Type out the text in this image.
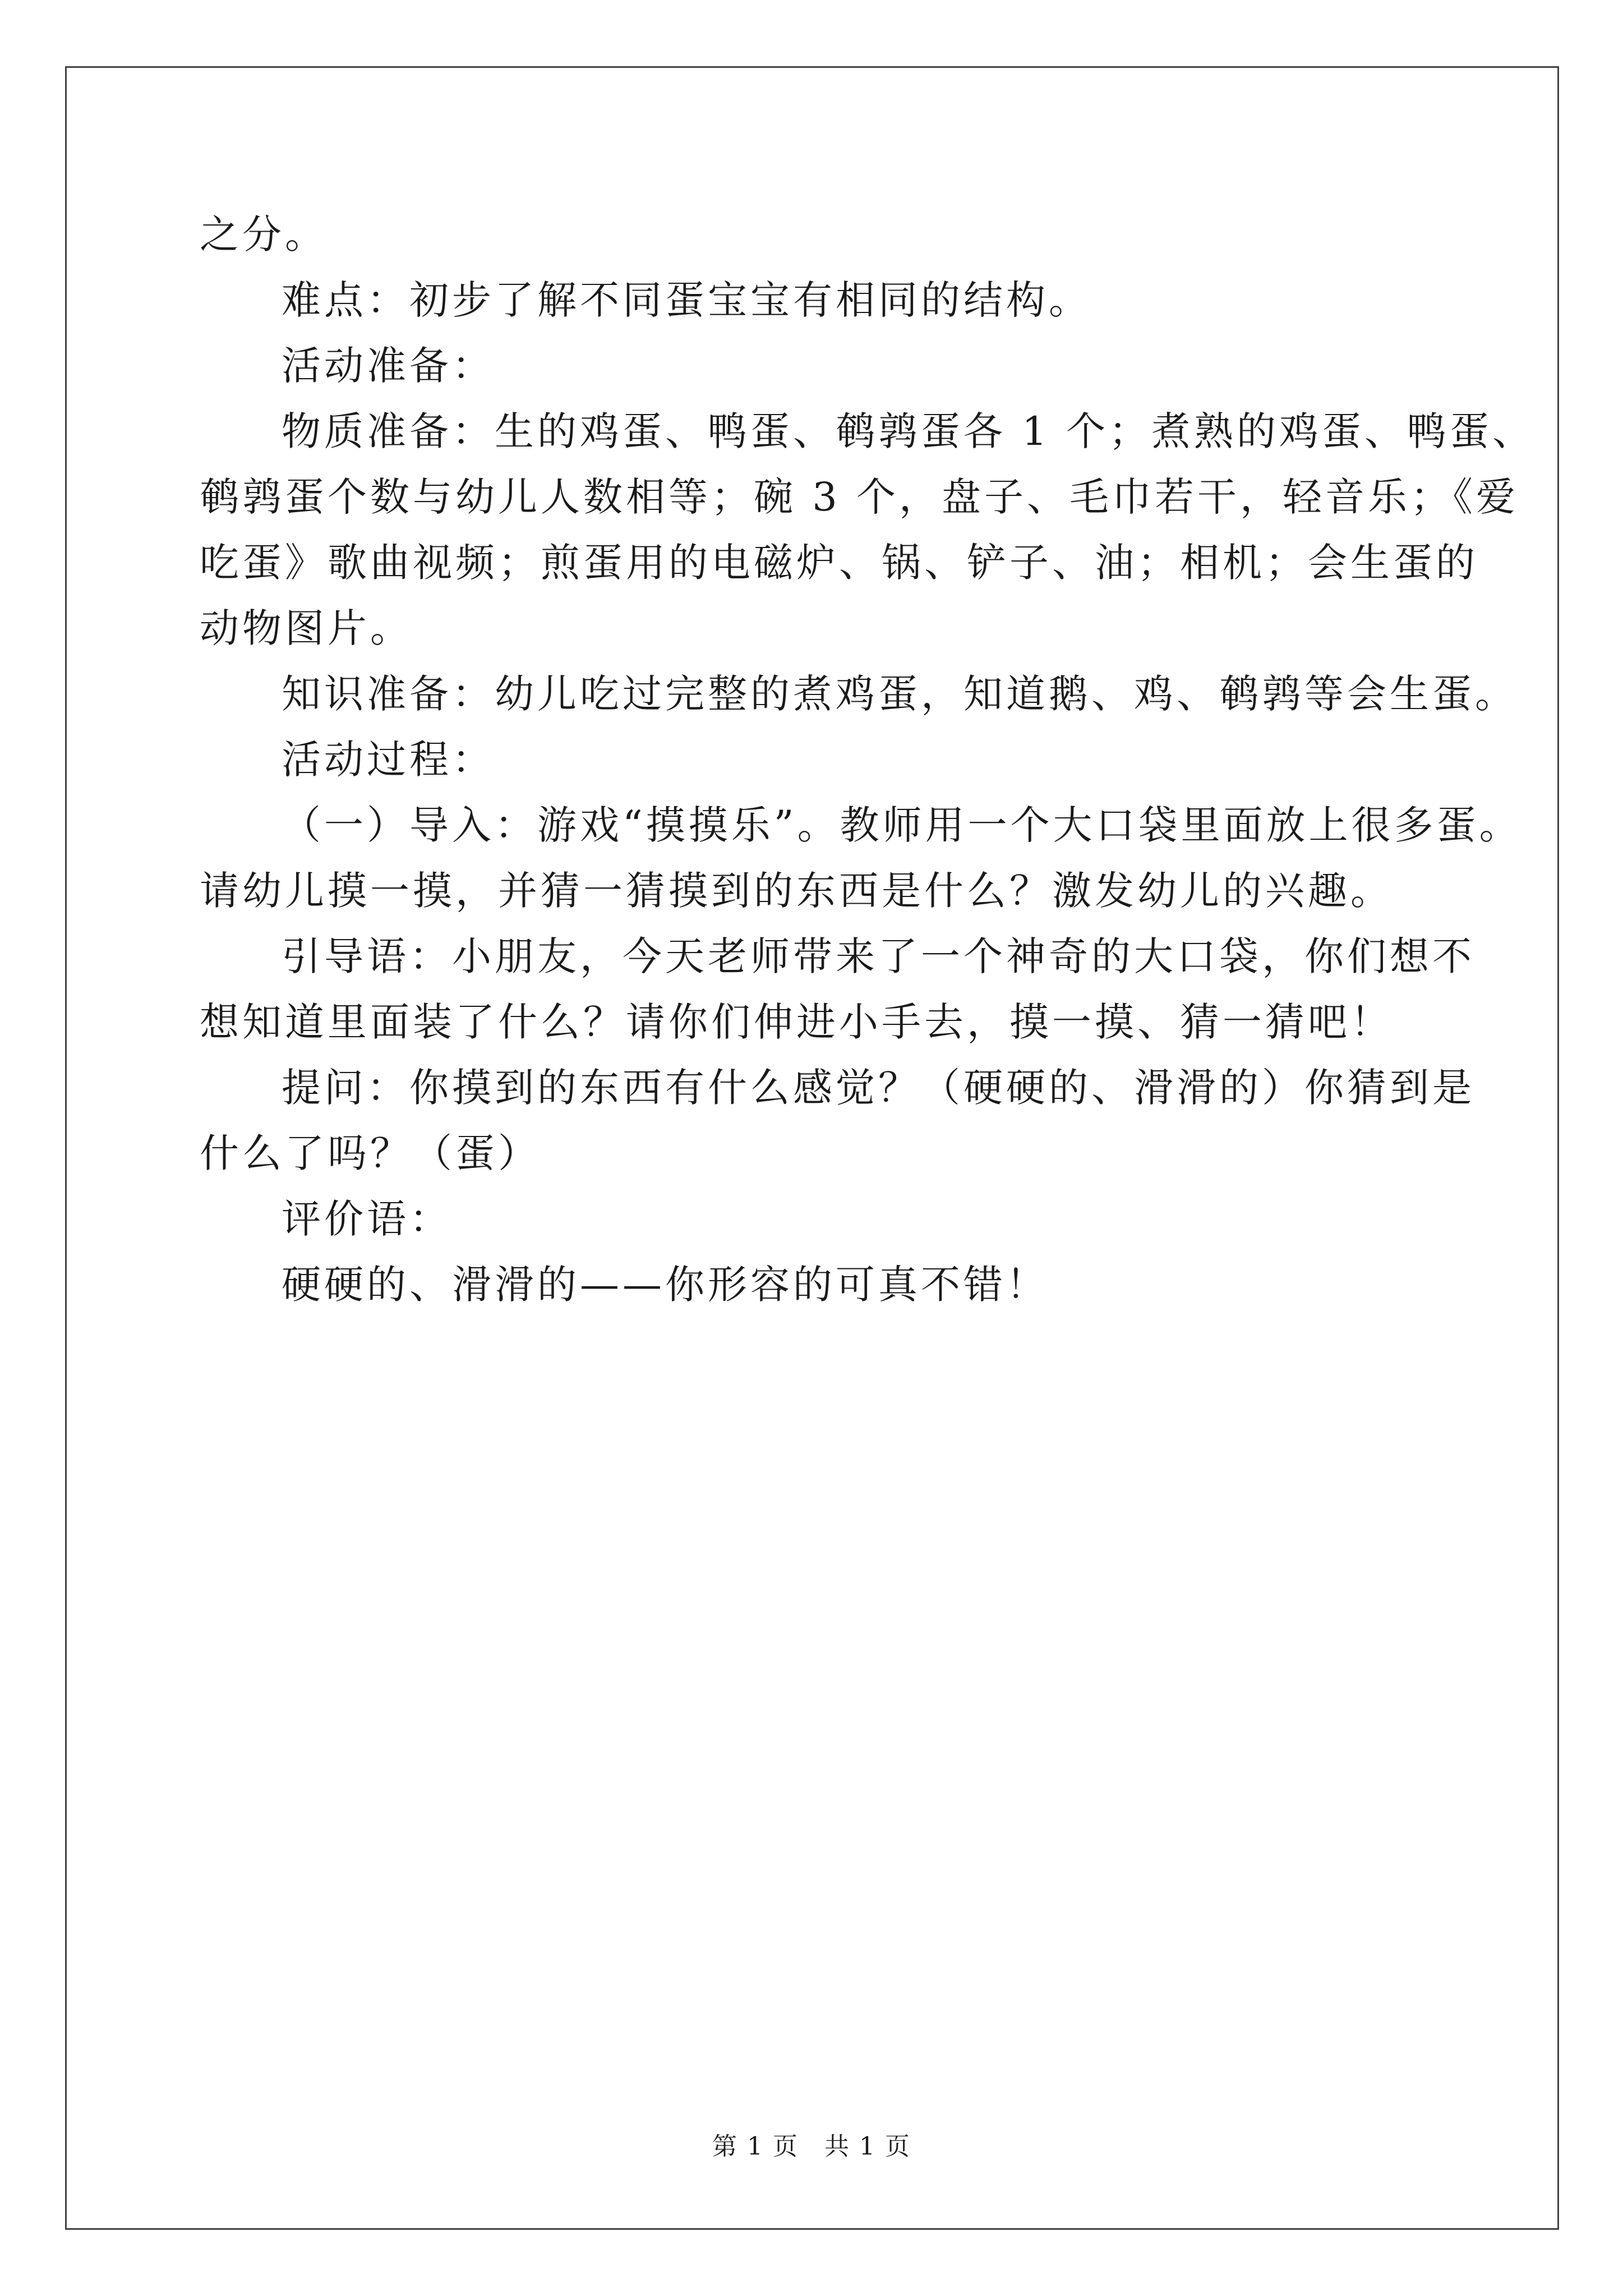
之分。

难点：初步了解不同蛋宝宝有相同的结构。

活动准备：

物质准备：生的鸡蛋、鸭蛋、鹌鹑蛋各 1 个；煮熟的鸡蛋、鸭蛋、

鹌鹑蛋个数与幼儿人数相等；碗 3 个，盘子、毛巾若干，轻音乐；《爱

吃蛋》歌曲视频；煎蛋用的电磁炉、锅、铲子、油；相机；会生蛋的

动物图片。

知识准备：幼儿吃过完整的煮鸡蛋，知道鹅、鸡、鹌鹑等会生蛋。

活动过程：

（一）导入：游戏“摸摸乐”。教师用一个大口袋里面放上很多蛋。

请幼儿摸一摸，并猜一猜摸到的东西是什么？激发幼儿的兴趣。

引导语：小朋友，今天老师带来了一个神奇的大口袋，你们想不

想知道里面装了什么？请你们伸进小手去，摸一摸、猜一猜吧！

提问：你摸到的东西有什么感觉？（硬硬的、滑滑的）你猜到是

什么了吗？（蛋）

评价语：

硬硬的、滑滑的——你形容的可真不错！

第 1 页　共 1 页
